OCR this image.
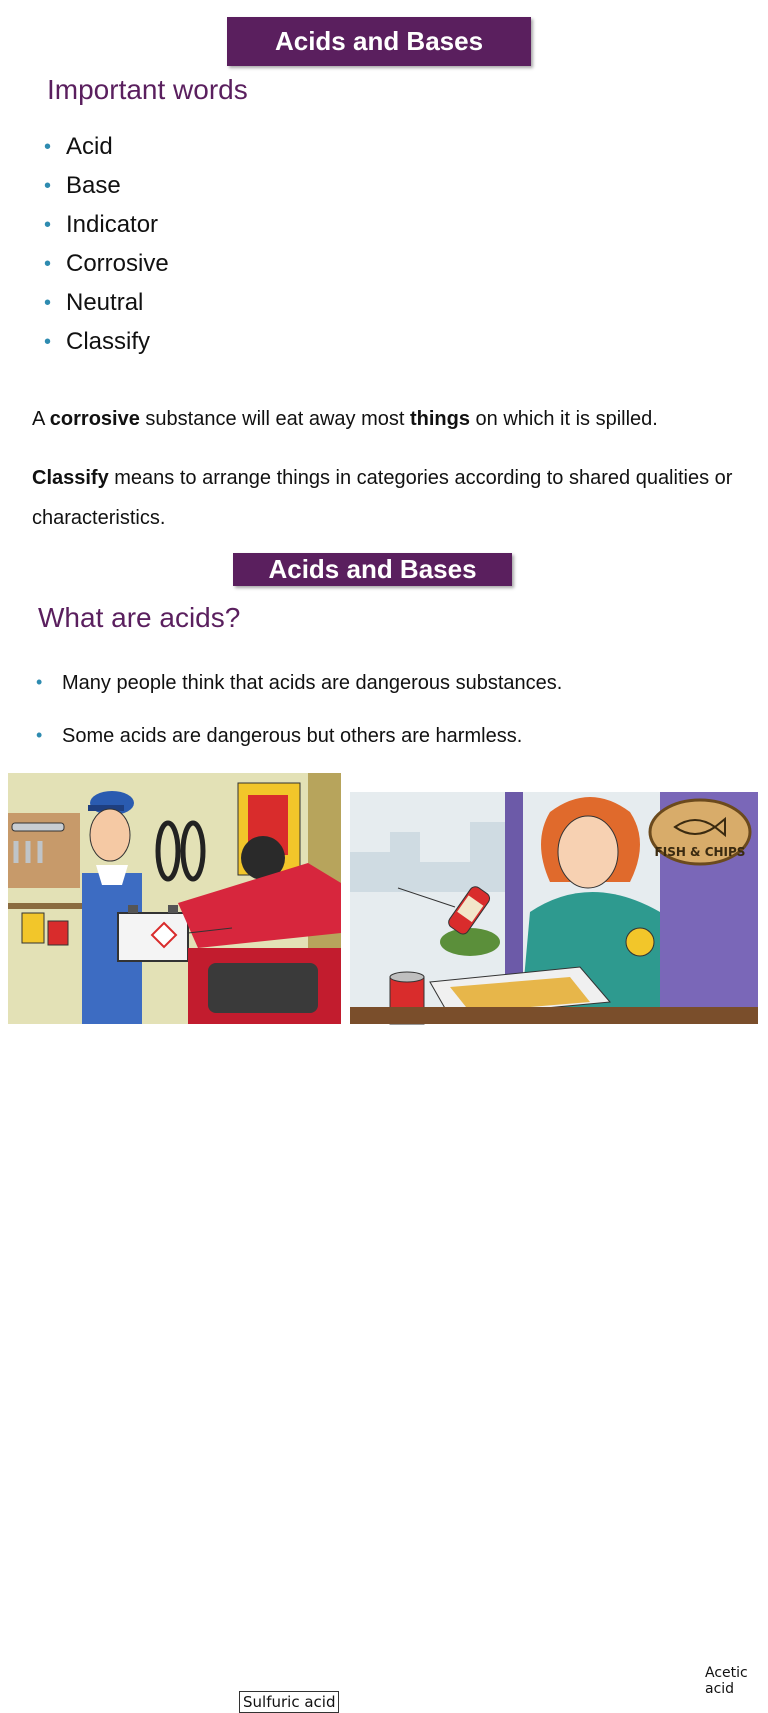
Acids and Bases
Important words
• Acid
• Base
• Indicator
• Corrosive
• Neutral
• Classify

A corrosive substance will eat away most things on which it is spilled.

Classify means to arrange things in categories according to shared qualities or characteristics.

Acids and Bases
What are acids?
• Many people think that acids are dangerous substances.
• Some acids are dangerous but others are harmless.
Sulfuric acid
FISH & CHIPS
Acetic acid
